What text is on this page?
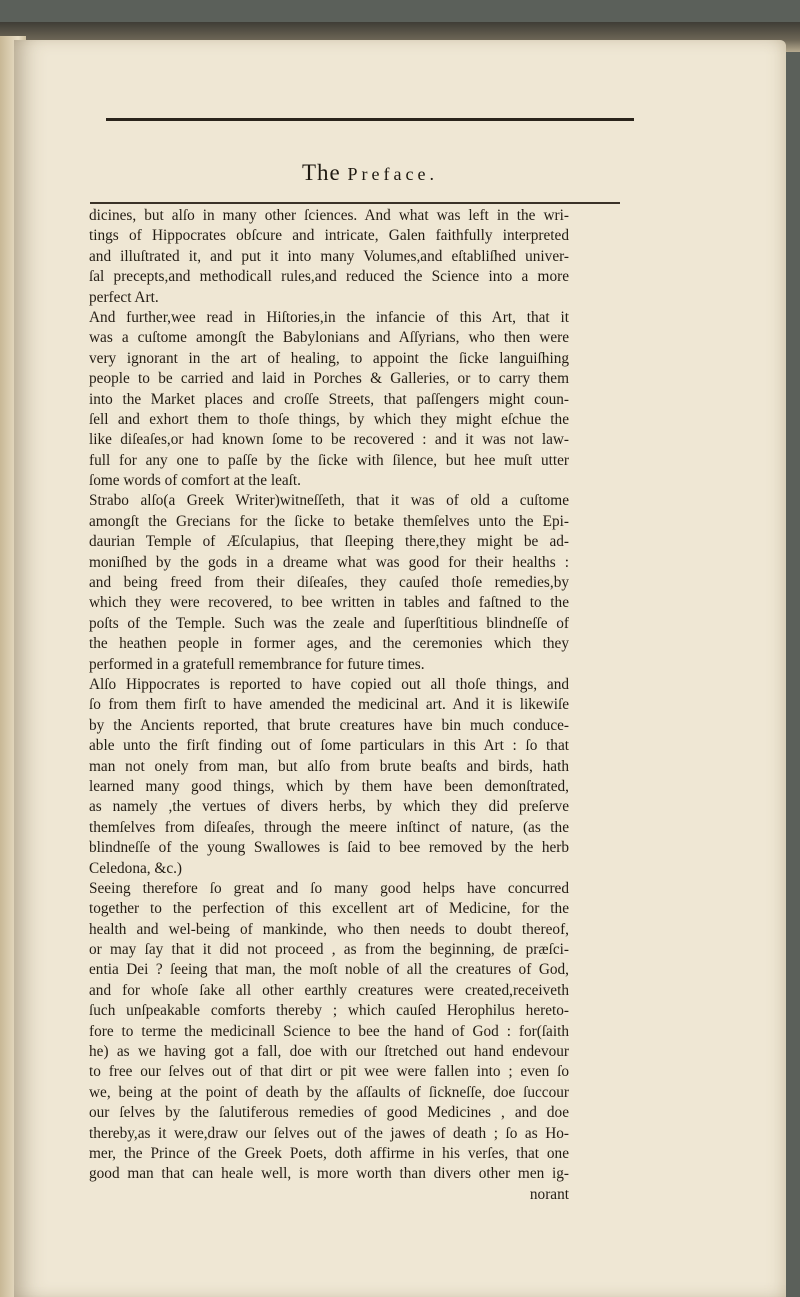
The Preface.
dicines, but alſo in many other ſciences. And what was left in the wri-
tings of Hippocrates obſcure and intricate, Galen faithfully interpreted
and illuſtrated it, and put it into many Volumes,and eſtabliſhed univer-
ſal precepts,and methodicall rules,and reduced the Science into a more
perfect Art.
And further,wee read in Hiſtories,in the infancie of this Art, that it
was a cuſtome amongſt the Babylonians and Aſſyrians, who then were
very ignorant in the art of healing, to appoint the ſicke languiſhing
people to be carried and laid in Porches & Galleries, or to carry them
into the Market places and croſſe Streets, that paſſengers might coun-
ſell and exhort them to thoſe things, by which they might eſchue the
like diſeaſes,or had known ſome to be recovered : and it was not law-
full for any one to paſſe by the ſicke with ſilence, but hee muſt utter
ſome words of comfort at the leaſt.
Strabo alſo(a Greek Writer)witneſſeth, that it was of old a cuſtome
amongſt the Grecians for the ſicke to betake themſelves unto the Epi-
daurian Temple of Æſculapius, that ſleeping there,they might be ad-
moniſhed by the gods in a dreame what was good for their healths :
and being freed from their diſeaſes, they cauſed thoſe remedies,by
which they were recovered, to bee written in tables and faſtned to the
poſts of the Temple. Such was the zeale and ſuperſtitious blindneſſe of
the heathen people in former ages, and the ceremonies which they
performed in a gratefull remembrance for future times.
Alſo Hippocrates is reported to have copied out all thoſe things, and
ſo from them firſt to have amended the medicinal art. And it is likewiſe
by the Ancients reported, that brute creatures have bin much conduce-
able unto the firſt finding out of ſome particulars in this Art : ſo that
man not onely from man, but alſo from brute beaſts and birds, hath
learned many good things, which by them have been demonſtrated,
as namely ,the vertues of divers herbs, by which they did preſerve
themſelves from diſeaſes, through the meere inſtinct of nature, (as the
blindneſſe of the young Swallowes is ſaid to bee removed by the herb
Celedona, &c.)
Seeing therefore ſo great and ſo many good helps have concurred
together to the perfection of this excellent art of Medicine, for the
health and wel-being of mankinde, who then needs to doubt thereof,
or may ſay that it did not proceed , as from the beginning, de præſci-
entia Dei ? ſeeing that man, the moſt noble of all the creatures of God,
and for whoſe ſake all other earthly creatures were created,receiveth
ſuch unſpeakable comforts thereby ; which cauſed Herophilus hereto-
fore to terme the medicinall Science to bee the hand of God : for(ſaith
he) as we having got a fall, doe with our ſtretched out hand endevour
to free our ſelves out of that dirt or pit wee were fallen into ; even ſo
we, being at the point of death by the aſſaults of ſickneſſe, doe ſuccour
our ſelves by the ſalutiferous remedies of good Medicines , and doe
thereby,as it were,draw our ſelves out of the jawes of death ; ſo as Ho-
mer, the Prince of the Greek Poets, doth affirme in his verſes, that one
good man that can heale well, is more worth than divers other men ig-
norant
